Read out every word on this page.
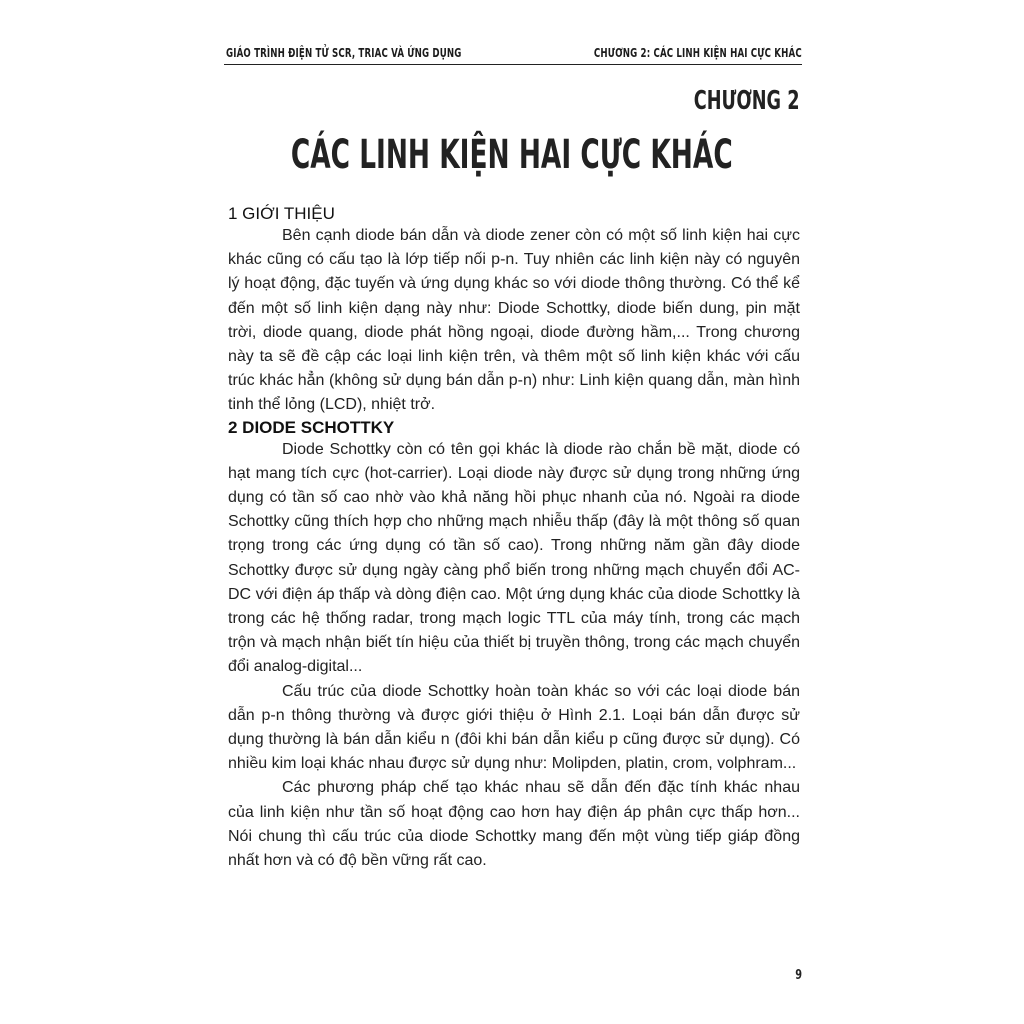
GIÁO TRÌNH ĐIỆN TỬ SCR, TRIAC VÀ ỨNG DỤNG	CHƯƠNG 2: CÁC LINH KIỆN HAI CỰC KHÁC
CHƯƠNG 2
CÁC LINH KIỆN HAI CỰC KHÁC
1 GIỚI THIỆU

Bên cạnh diode bán dẫn và diode zener còn có một số linh kiện hai cực khác cũng có cấu tạo là lớp tiếp nối p-n. Tuy nhiên các linh kiện này có nguyên lý hoạt động, đặc tuyến và ứng dụng khác so với diode thông thường. Có thể kể đến một số linh kiện dạng này như: Diode Schottky, diode biến dung, pin mặt trời, diode quang, diode phát hồng ngoại, diode đường hầm,... Trong chương này ta sẽ đề cập các loại linh kiện trên, và thêm một số linh kiện khác với cấu trúc khác hẳn (không sử dụng bán dẫn p-n) như: Linh kiện quang dẫn, màn hình tinh thể lỏng (LCD), nhiệt trở.

2 DIODE SCHOTTKY

Diode Schottky còn có tên gọi khác là diode rào chắn bề mặt, diode có hạt mang tích cực (hot-carrier). Loại diode này được sử dụng trong những ứng dụng có tần số cao nhờ vào khả năng hồi phục nhanh của nó. Ngoài ra diode Schottky cũng thích hợp cho những mạch nhiễu thấp (đây là một thông số quan trọng trong các ứng dụng có tần số cao). Trong những năm gần đây diode Schottky được sử dụng ngày càng phổ biến trong những mạch chuyển đổi AC-DC với điện áp thấp và dòng điện cao. Một ứng dụng khác của diode Schottky là trong các hệ thống radar, trong mạch logic TTL của máy tính, trong các mạch trộn và mạch nhận biết tín hiệu của thiết bị truyền thông, trong các mạch chuyển đổi analog-digital...

Cấu trúc của diode Schottky hoàn toàn khác so với các loại diode bán dẫn p-n thông thường và được giới thiệu ở Hình 2.1. Loại bán dẫn được sử dụng thường là bán dẫn kiểu n (đôi khi bán dẫn kiểu p cũng được sử dụng). Có nhiều kim loại khác nhau được sử dụng như: Molipden, platin, crom, volphram...

Các phương pháp chế tạo khác nhau sẽ dẫn đến đặc tính khác nhau của linh kiện như tần số hoạt động cao hơn hay điện áp phân cực thấp hơn... Nói chung thì cấu trúc của diode Schottky mang đến một vùng tiếp giáp đồng nhất hơn và có độ bền vững rất cao.

9
